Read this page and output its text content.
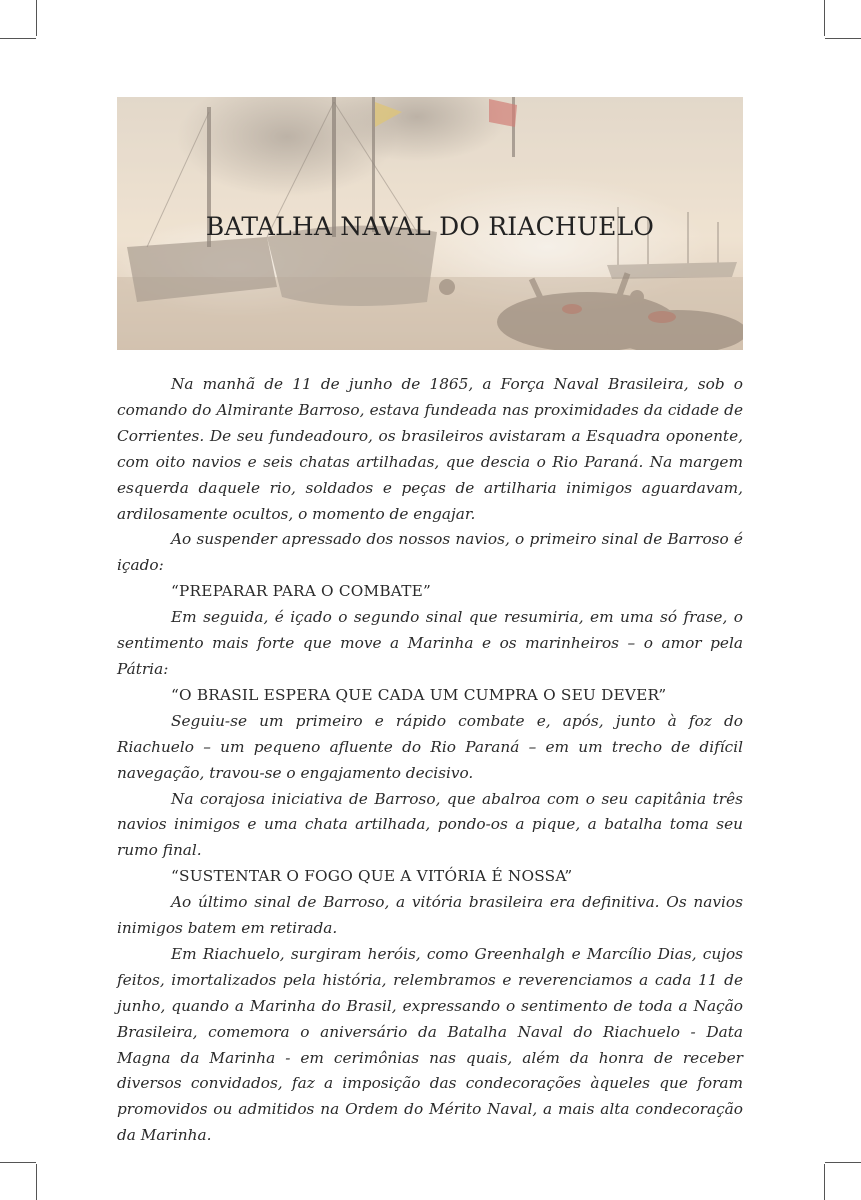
BATALHA NAVAL DO RIACHUELO

Na manhã de 11 de junho de 1865, a Força Naval Brasileira, sob o comando do Almirante Barroso, estava fundeada nas proximidades da cidade de Corrientes. De seu fundeadouro, os brasileiros avistaram a Esquadra oponente, com oito navios e seis chatas artilhadas, que descia o Rio Paraná. Na margem esquerda daquele rio, soldados e peças de artilharia inimigos aguardavam, ardilosamente ocultos, o momento de engajar.

Ao suspender apressado dos nossos navios, o primeiro sinal de Barroso é içado:

“PREPARAR PARA O COMBATE”

Em seguida, é içado o segundo sinal que resumiria, em uma só frase, o sentimento mais forte que move a Marinha e os marinheiros – o amor pela Pátria:

“O BRASIL ESPERA QUE CADA UM CUMPRA O SEU DEVER”

Seguiu-se um primeiro e rápido combate e, após, junto à foz do Riachuelo – um pequeno afluente do Rio Paraná – em um trecho de difícil navegação, travou-se o engajamento decisivo.

Na corajosa iniciativa de Barroso, que abalroa com o seu capitânia três navios inimigos e uma chata artilhada, pondo-os a pique, a batalha toma seu rumo final.

“SUSTENTAR O FOGO QUE A VITÓRIA É NOSSA”

Ao último sinal de Barroso, a vitória brasileira era definitiva. Os navios inimigos batem em retirada.

Em Riachuelo, surgiram heróis, como Greenhalgh e Marcílio Dias, cujos feitos, imortalizados pela história, relembramos e reverenciamos a cada 11 de junho, quando a Marinha do Brasil, expressando o sentimento de toda a Nação Brasileira, comemora o aniversário da Batalha Naval do Riachuelo - Data Magna da Marinha - em cerimônias nas quais, além da honra de receber diversos convidados, faz a imposição das condecorações àqueles que foram promovidos ou admitidos na Ordem do Mérito Naval, a mais alta condecoração da Marinha.
